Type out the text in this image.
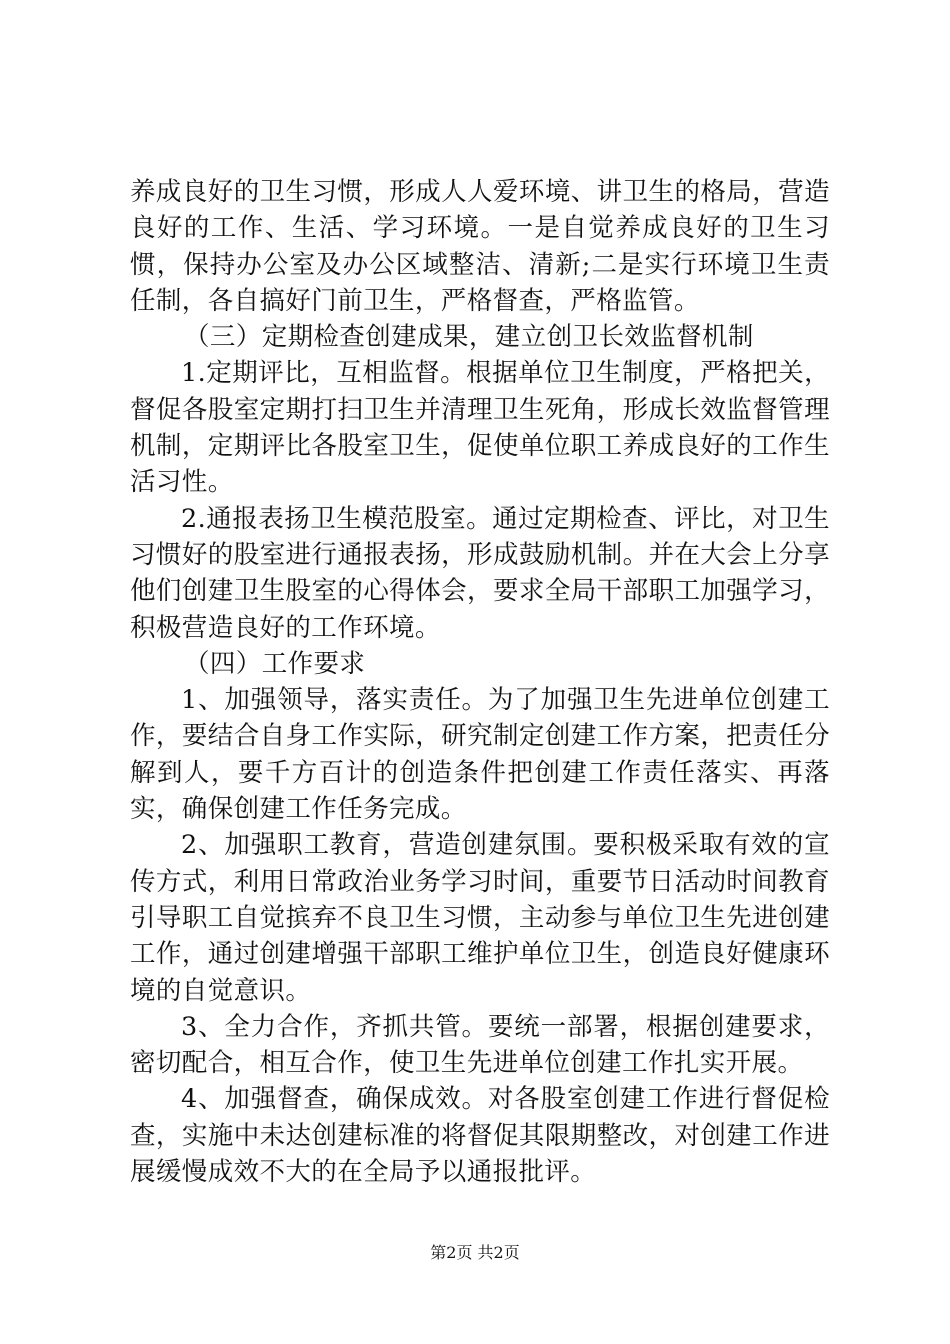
养成良好的卫生习惯，形成人人爱环境、讲卫生的格局，营造良好的工作、生活、学习环境。一是自觉养成良好的卫生习惯，保持办公室及办公区域整洁、清新;二是实行环境卫生责任制，各自搞好门前卫生，严格督查，严格监管。

（三）定期检查创建成果，建立创卫长效监督机制

1.定期评比，互相监督。根据单位卫生制度，严格把关，督促各股室定期打扫卫生并清理卫生死角，形成长效监督管理机制，定期评比各股室卫生，促使单位职工养成良好的工作生活习性。

2.通报表扬卫生模范股室。通过定期检查、评比，对卫生习惯好的股室进行通报表扬，形成鼓励机制。并在大会上分享他们创建卫生股室的心得体会，要求全局干部职工加强学习，积极营造良好的工作环境。

（四）工作要求

1、加强领导，落实责任。为了加强卫生先进单位创建工作，要结合自身工作实际，研究制定创建工作方案，把责任分解到人，要千方百计的创造条件把创建工作责任落实、再落实，确保创建工作任务完成。

2、加强职工教育，营造创建氛围。要积极采取有效的宣传方式，利用日常政治业务学习时间，重要节日活动时间教育引导职工自觉摈弃不良卫生习惯，主动参与单位卫生先进创建工作，通过创建增强干部职工维护单位卫生，创造良好健康环境的自觉意识。

3、全力合作，齐抓共管。要统一部署，根据创建要求，密切配合，相互合作，使卫生先进单位创建工作扎实开展。

4、加强督查，确保成效。对各股室创建工作进行督促检查，实施中未达创建标准的将督促其限期整改，对创建工作进展缓慢成效不大的在全局予以通报批评。

第2页 共2页
